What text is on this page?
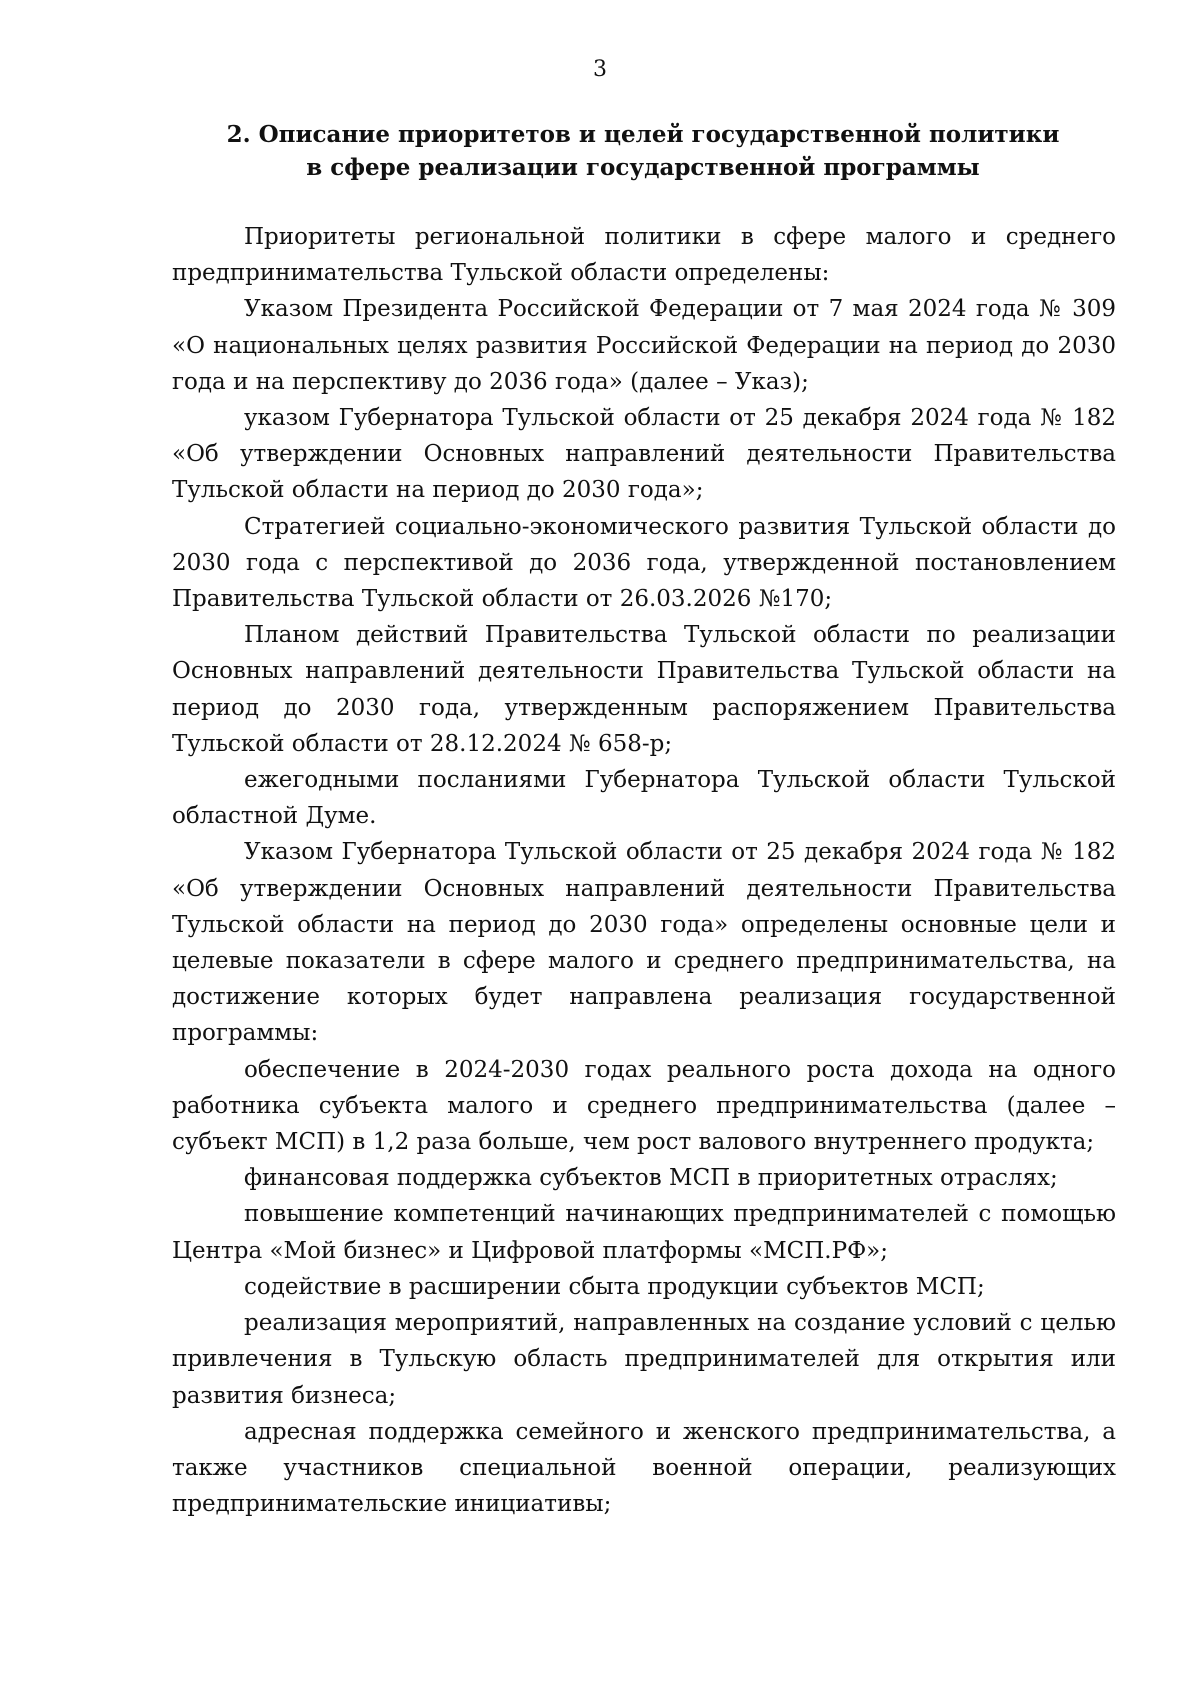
3
2. Описание приоритетов и целей государственной политики
в сфере реализации государственной программы

Приоритеты региональной политики в сфере малого и среднего предпринимательства Тульской области определены:

Указом Президента Российской Федерации от 7 мая 2024 года № 309 «О национальных целях развития Российской Федерации на период до 2030 года и на перспективу до 2036 года» (далее – Указ);

указом Губернатора Тульской области от 25 декабря 2024 года № 182 «Об утверждении Основных направлений деятельности Правительства Тульской области на период до 2030 года»;

Стратегией социально-экономического развития Тульской области до 2030 года с перспективой до 2036 года, утвержденной постановлением Правительства Тульской области от 26.03.2026 №170;

Планом действий Правительства Тульской области по реализации Основных направлений деятельности Правительства Тульской области на период до 2030 года, утвержденным распоряжением Правительства Тульской области от 28.12.2024 № 658-р;

ежегодными посланиями Губернатора Тульской области Тульской областной Думе.

Указом Губернатора Тульской области от 25 декабря 2024 года № 182 «Об утверждении Основных направлений деятельности Правительства Тульской области на период до 2030 года» определены основные цели и целевые показатели в сфере малого и среднего предпринимательства, на достижение которых будет направлена реализация государственной программы:

обеспечение в 2024-2030 годах реального роста дохода на одного работника субъекта малого и среднего предпринимательства (далее – субъект МСП) в 1,2 раза больше, чем рост валового внутреннего продукта;

финансовая поддержка субъектов МСП в приоритетных отраслях;

повышение компетенций начинающих предпринимателей с помощью Центра «Мой бизнес» и Цифровой платформы «МСП.РФ»;

содействие в расширении сбыта продукции субъектов МСП;

реализация мероприятий, направленных на создание условий с целью привлечения в Тульскую область предпринимателей для открытия или развития бизнеса;

адресная поддержка семейного и женского предпринимательства, а также участников специальной военной операции, реализующих предпринимательские инициативы;
